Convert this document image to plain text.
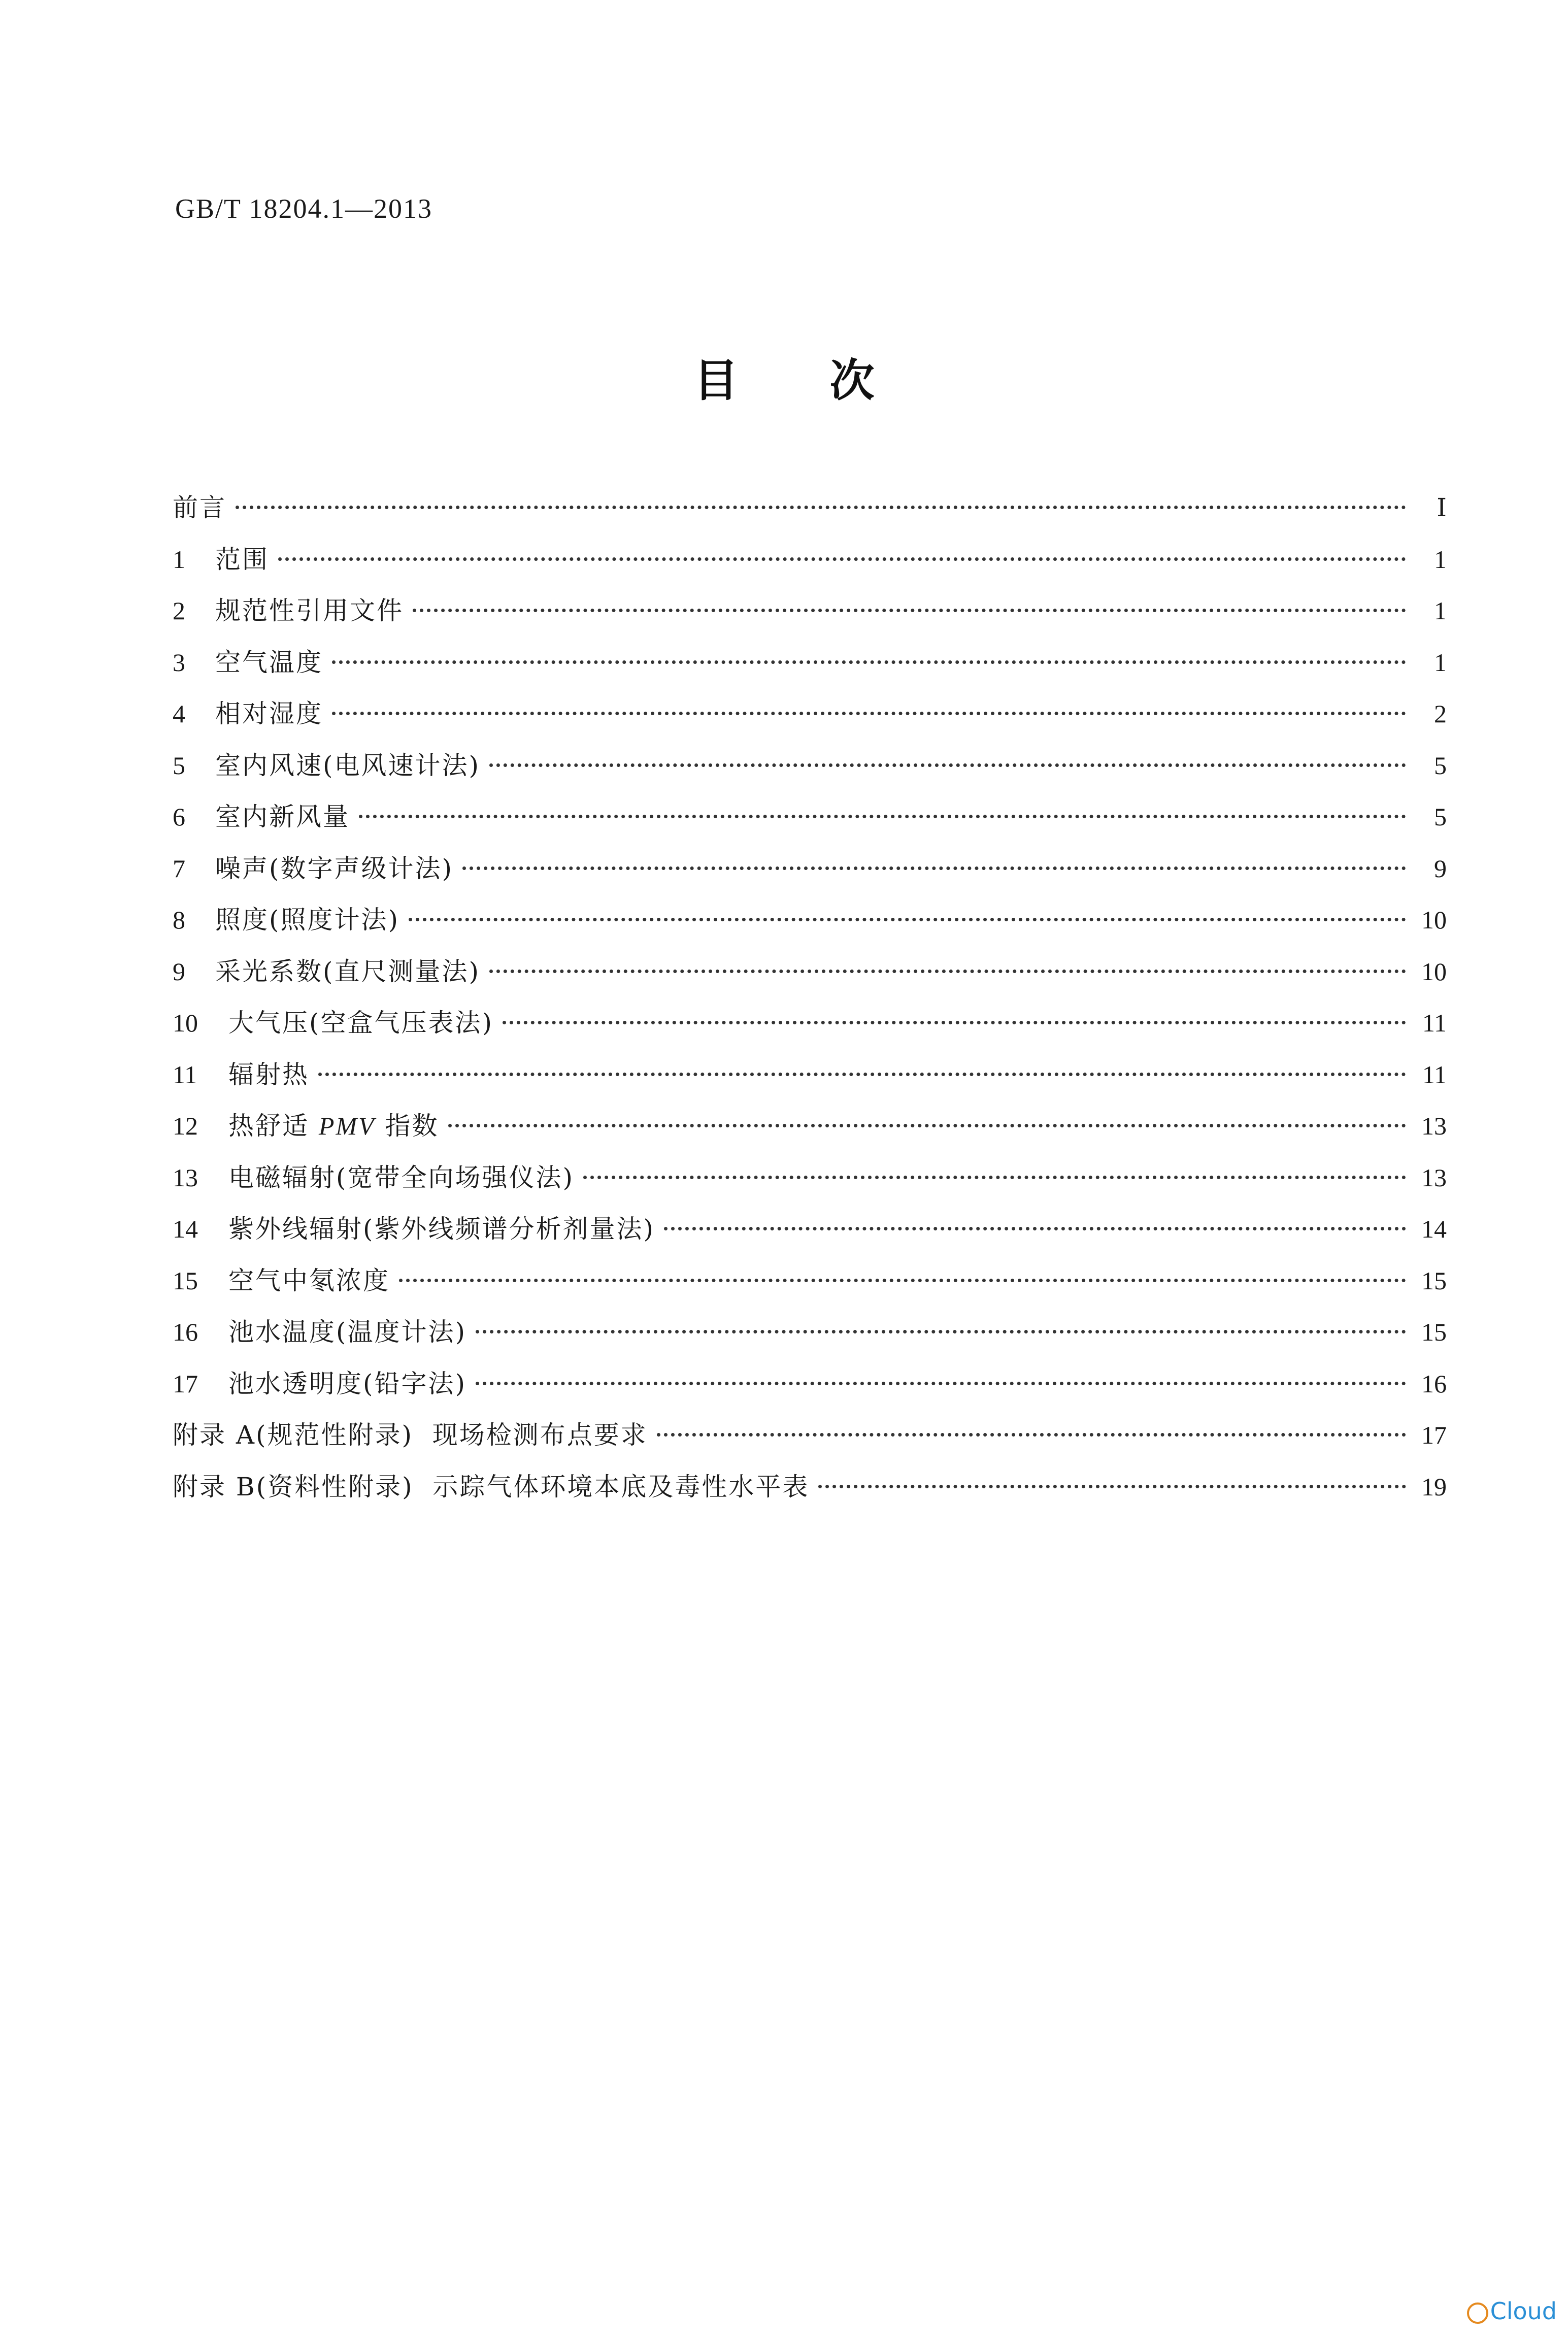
GB/T 18204.1—2013
目次
前言	Ⅰ
1	范围	1
2	规范性引用文件	1
3	空气温度	1
4	相对湿度	2
5	室内风速(电风速计法)	5
6	室内新风量	5
7	噪声(数字声级计法)	9
8	照度(照度计法)	10
9	采光系数(直尺测量法)	10
10	大气压(空盒气压表法)	11
11	辐射热	11
12	热舒适 PMV 指数	13
13	电磁辐射(宽带全向场强仪法)	13
14	紫外线辐射(紫外线频谱分析剂量法)	14
15	空气中氡浓度	15
16	池水温度(温度计法)	15
17	池水透明度(铅字法)	16
附录 A(规范性附录)  现场检测布点要求	17
附录 B(资料性附录)  示踪气体环境本底及毒性水平表	19
Cloud
